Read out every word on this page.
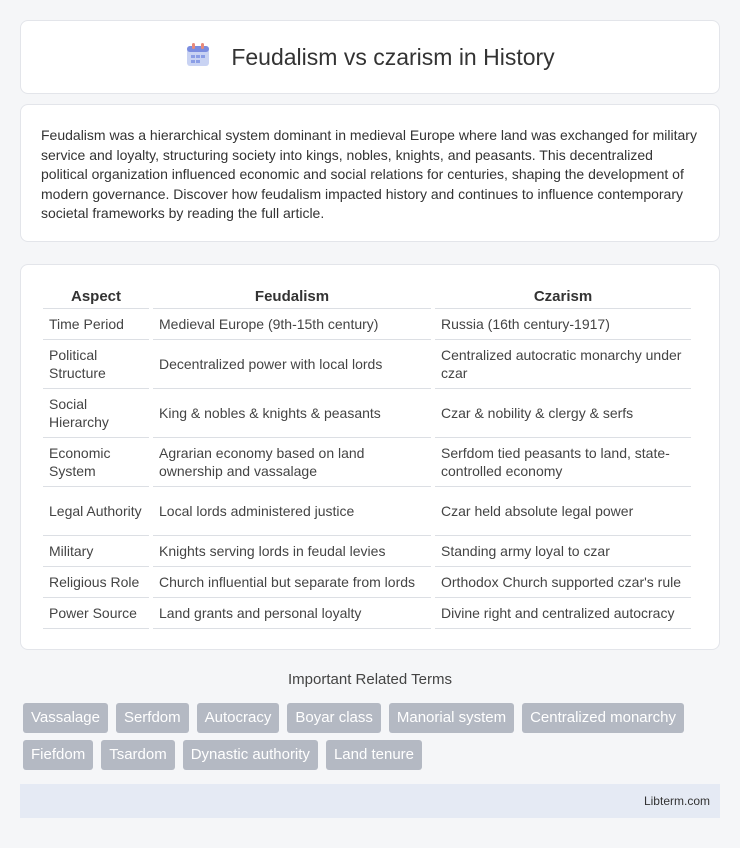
Feudalism vs czarism in History

Feudalism was a hierarchical system dominant in medieval Europe where land was exchanged for military service and loyalty, structuring society into kings, nobles, knights, and peasants. This decentralized political organization influenced economic and social relations for centuries, shaping the development of modern governance. Discover how feudalism impacted history and continues to influence contemporary societal frameworks by reading the full article.

Aspect	Feudalism	Czarism
Time Period	Medieval Europe (9th-15th century)	Russia (16th century-1917)
Political Structure	Decentralized power with local lords	Centralized autocratic monarchy under czar
Social Hierarchy	King & nobles & knights & peasants	Czar & nobility & clergy & serfs
Economic System	Agrarian economy based on land ownership and vassalage	Serfdom tied peasants to land, state-controlled economy
Legal Authority	Local lords administered justice	Czar held absolute legal power
Military	Knights serving lords in feudal levies	Standing army loyal to czar
Religious Role	Church influential but separate from lords	Orthodox Church supported czar's rule
Power Source	Land grants and personal loyalty	Divine right and centralized autocracy
Important Related Terms
Vassalage	Serfdom	Autocracy	Boyar class	Manorial system	Centralized monarchy
Fiefdom	Tsardom	Dynastic authority	Land tenure
Libterm.com
